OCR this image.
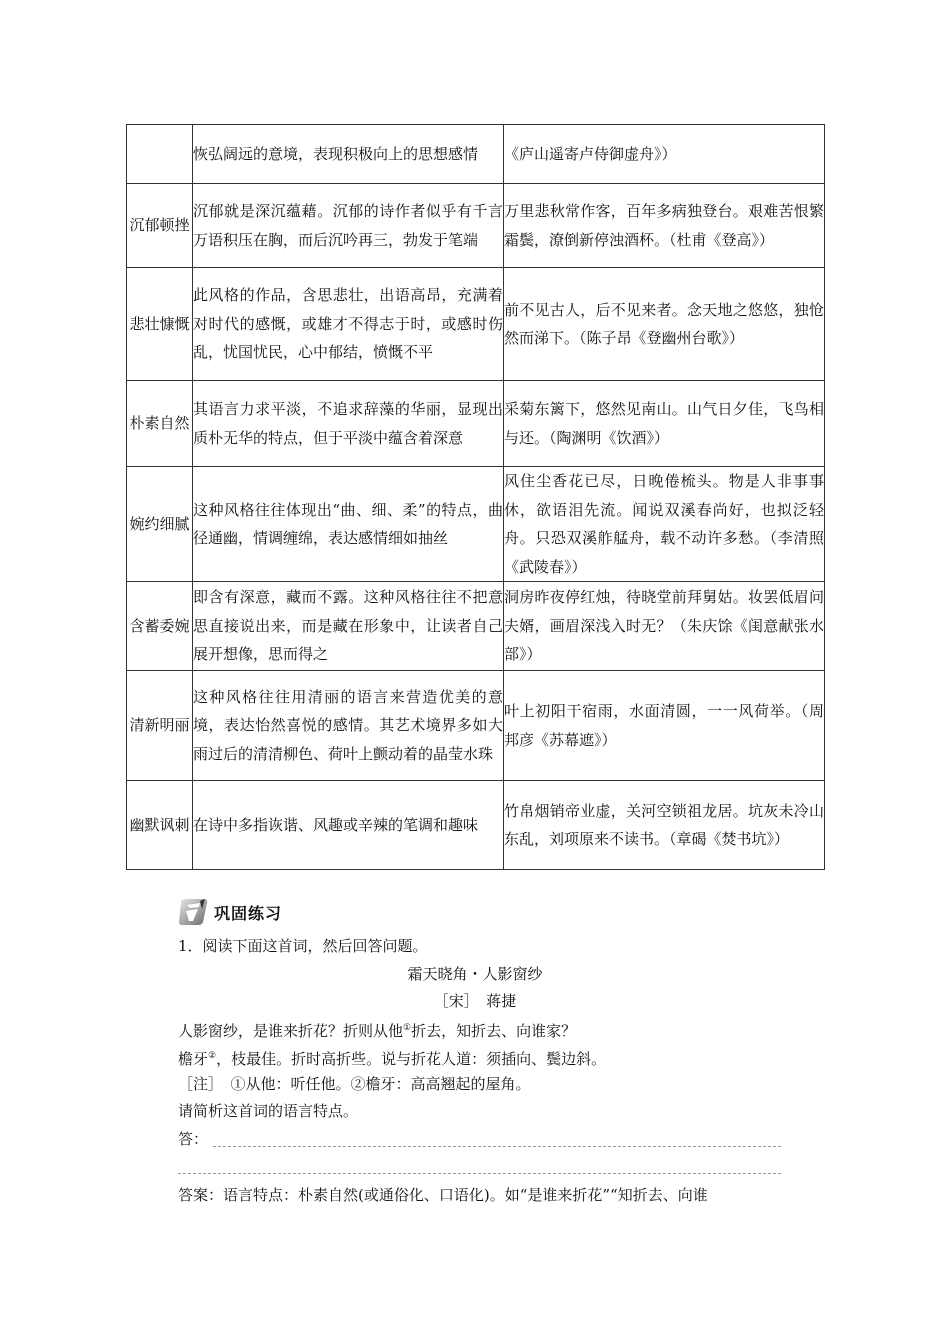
	恢弘阔远的意境，表现积极向上的思想感情	《庐山遥寄卢侍御虚舟》）
沉郁顿挫	沉郁就是深沉蕴藉。沉郁的诗作者似乎有千言万语积压在胸，而后沉吟再三，勃发于笔端	万里悲秋常作客，百年多病独登台。艰难苦恨繁霜鬓，潦倒新停浊酒杯。（杜甫《登高》）
悲壮慷慨	此风格的作品，含思悲壮，出语高昂，充满着对时代的感慨，或雄才不得志于时，或感时伤乱，忧国忧民，心中郁结，愤慨不平	前不见古人，后不见来者。念天地之悠悠，独怆然而涕下。（陈子昂《登幽州台歌》）
朴素自然	其语言力求平淡，不追求辞藻的华丽，显现出质朴无华的特点，但于平淡中蕴含着深意	采菊东篱下，悠然见南山。山气日夕佳，飞鸟相与还。（陶渊明《饮酒》）
婉约细腻	这种风格往往体现出“曲、细、柔”的特点，曲径通幽，情调缠绵，表达感情细如抽丝	风住尘香花已尽，日晚倦梳头。物是人非事事休，欲语泪先流。闻说双溪春尚好，也拟泛轻舟。只恐双溪舴艋舟，载不动许多愁。（李清照《武陵春》）
含蓄委婉	即含有深意，藏而不露。这种风格往往不把意思直接说出来，而是藏在形象中，让读者自己展开想像，思而得之	洞房昨夜停红烛，待晓堂前拜舅姑。妆罢低眉问夫婿，画眉深浅入时无？（朱庆馀《闺意献张水部》）
清新明丽	这种风格往往用清丽的语言来营造优美的意境，表达怡然喜悦的感情。其艺术境界多如大雨过后的清清柳色、荷叶上颤动着的晶莹水珠	叶上初阳干宿雨，水面清圆，一一风荷举。（周邦彦《苏幕遮》）
幽默讽刺	在诗中多指诙谐、风趣或辛辣的笔调和趣味	竹帛烟销帝业虚，关河空锁祖龙居。坑灰未冷山东乱，刘项原来不读书。（章碣《焚书坑》）
巩固练习
1．阅读下面这首词，然后回答问题。
霜天晓角・人影窗纱
［宋］　蒋捷
人影窗纱，是谁来折花？折则从他①折去，知折去、向谁家？
檐牙②，枝最佳。折时高折些。说与折花人道：须插向、鬓边斜。
［注］　①从他：听任他。②檐牙：高高翘起的屋角。
请简析这首词的语言特点。
答：
答案：语言特点：朴素自然(或通俗化、口语化)。如“是谁来折花”“知折去、向谁
